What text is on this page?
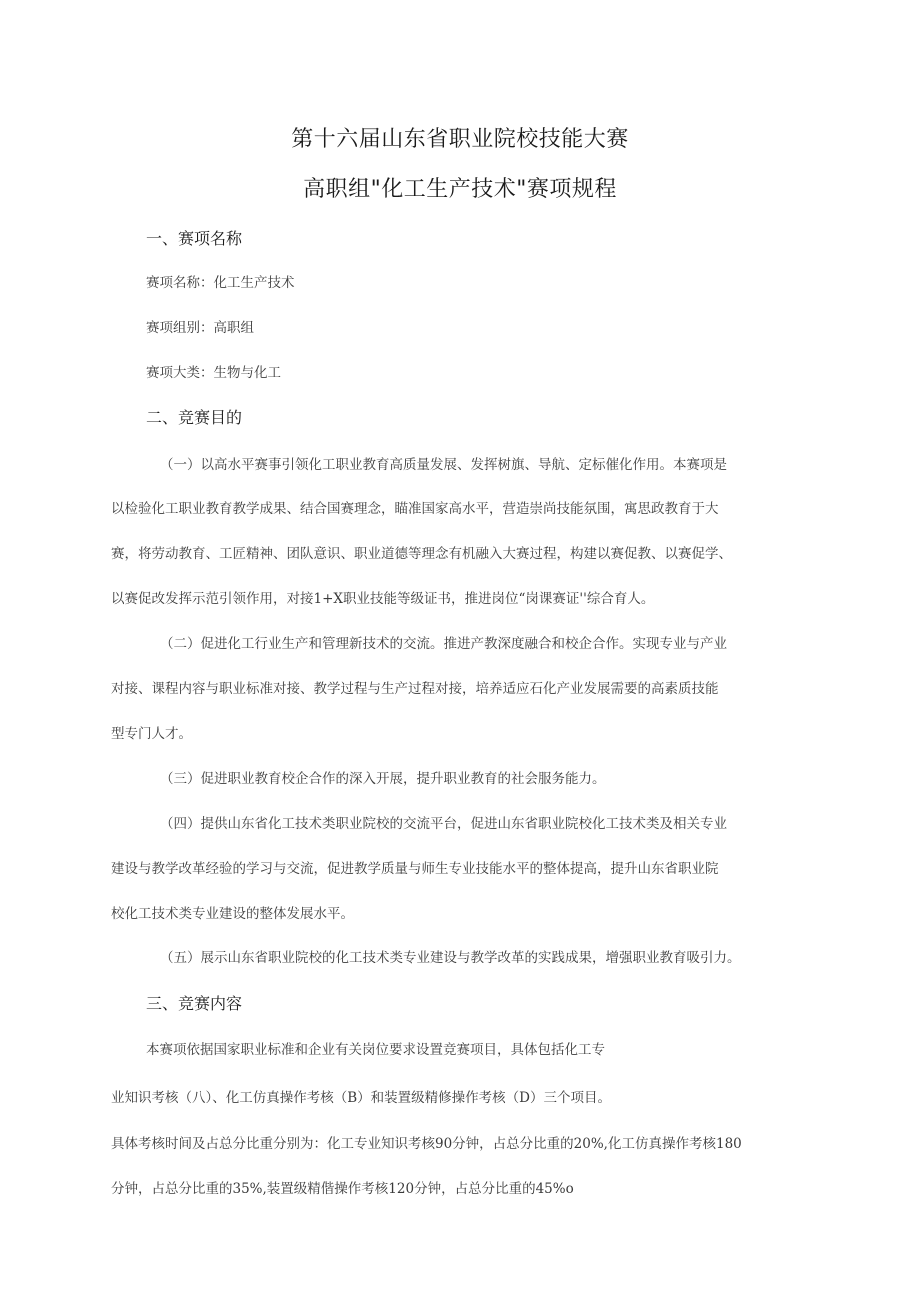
第十六届山东省职业院校技能大赛
高职组"化工生产技术"赛项规程
一、赛项名称
赛项名称：化工生产技术
赛项组别：高职组
赛项大类：生物与化工
二、竞赛目的
（一）以高水平赛事引领化工职业教育高质量发展、发挥树旗、导航、定标催化作用。本赛项是
以检验化工职业教育教学成果、结合国赛理念，瞄准国家高水平，营造崇尚技能氛围，寓思政教育于大
赛，将劳动教育、工匠精神、团队意识、职业道德等理念有机融入大赛过程，构建以赛促教、以赛促学、
以赛促改发挥示范引领作用，对接1+X职业技能等级证书，推进岗位“岗课赛证''综合育人。
（二）促进化工行业生产和管理新技术的交流。推进产教深度融合和校企合作。实现专业与产业
对接、课程内容与职业标准对接、教学过程与生产过程对接，培养适应石化产业发展需要的高素质技能
型专门人才。
（三）促进职业教育校企合作的深入开展，提升职业教育的社会服务能力。
（四）提供山东省化工技术类职业院校的交流平台，促进山东省职业院校化工技术类及相关专业
建设与教学改革经验的学习与交流，促进教学质量与师生专业技能水平的整体提高，提升山东省职业院
校化工技术类专业建设的整体发展水平。
（五）展示山东省职业院校的化工技术类专业建设与教学改革的实践成果，增强职业教育吸引力。
三、竞赛内容
本赛项依据国家职业标准和企业有关岗位要求设置竞赛项目，具体包括化工专
业知识考核（八）、化工仿真操作考核（B）和装置级精修操作考核（D）三个项目。
具体考核时间及占总分比重分别为：化工专业知识考核90分钟，占总分比重的20%,化工仿真操作考核180
分钟，占总分比重的35%,装置级精偕操作考核120分钟，占总分比重的45%o
